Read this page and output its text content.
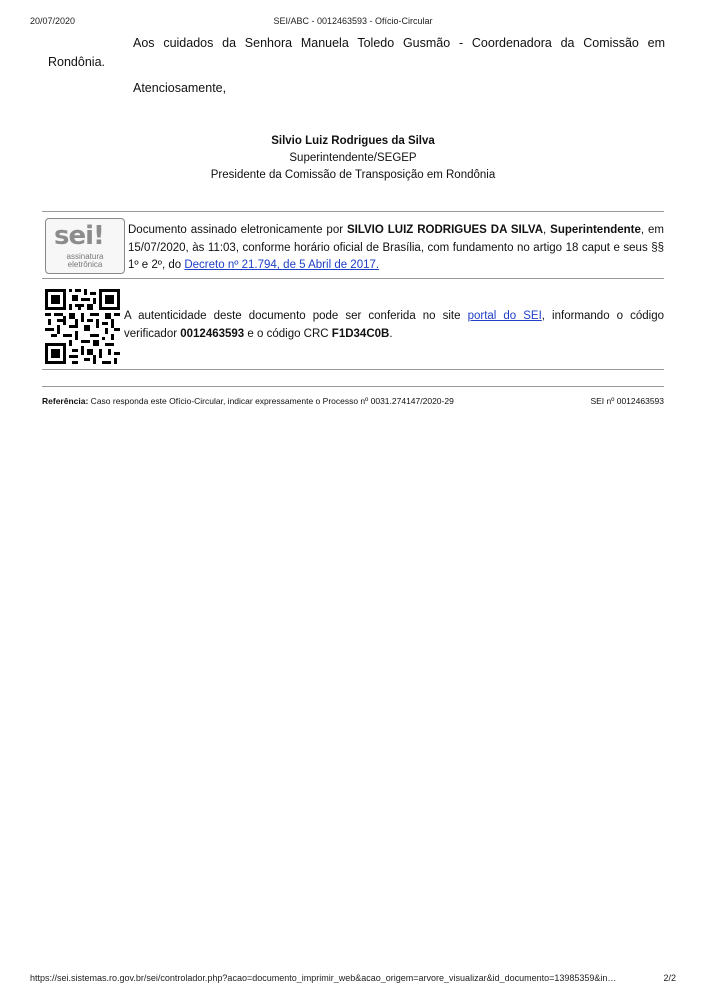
20/07/2020	SEI/ABC - 0012463593 - Ofício-Circular
Aos cuidados da Senhora Manuela Toledo Gusmão - Coordenadora da Comissão em Rondônia.
Atenciosamente,
Silvio Luiz Rodrigues da Silva
Superintendente/SEGEP
Presidente da Comissão de Transposição em Rondônia
sei!
assinatura eletrônica
Documento assinado eletronicamente por SILVIO LUIZ RODRIGUES DA SILVA, Superintendente, em 15/07/2020, às 11:03, conforme horário oficial de Brasília, com fundamento no artigo 18 caput e seus §§ 1º e 2º, do Decreto nº 21.794, de 5 Abril de 2017.
A autenticidade deste documento pode ser conferida no site portal do SEI, informando o código verificador 0012463593 e o código CRC F1D34C0B.
Referência: Caso responda este Ofício-Circular, indicar expressamente o Processo nº 0031.274147/2020-29	SEI nº 0012463593
https://sei.sistemas.ro.gov.br/sei/controlador.php?acao=documento_imprimir_web&acao_origem=arvore_visualizar&id_documento=13985359&in…	2/2
